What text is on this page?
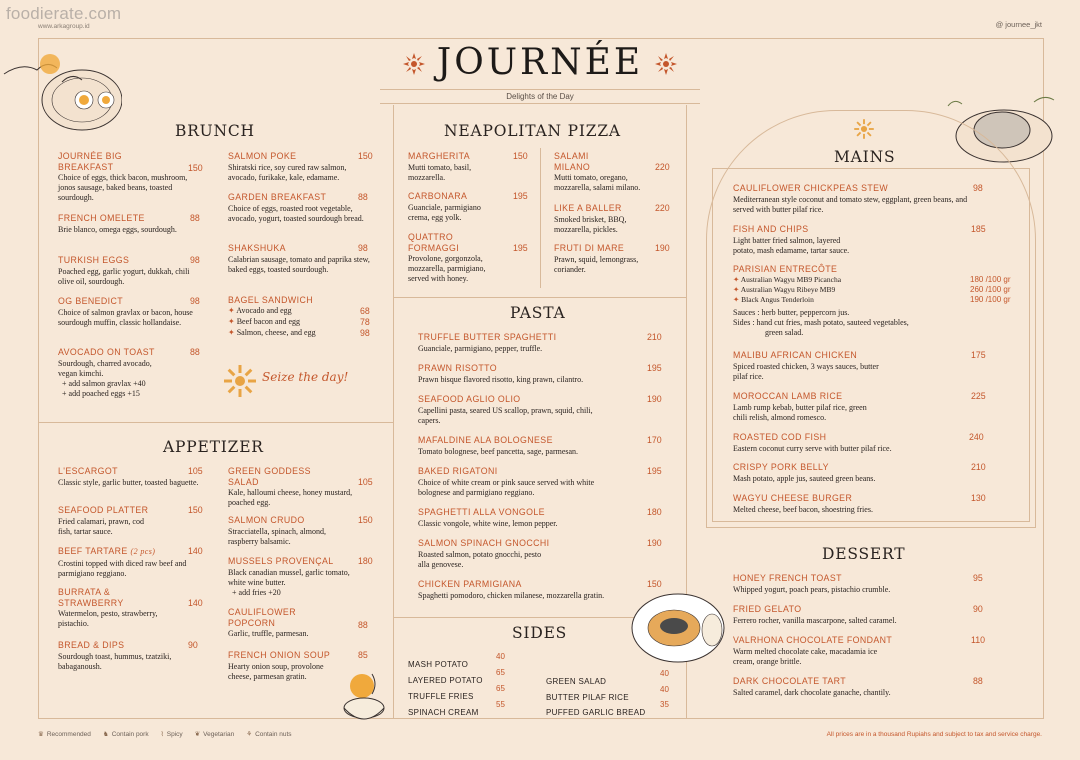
foodierate.com
www.arkagroup.id	@ journee_jkt
JOURNÉE
Delights of the Day
Seize the day!
BRUNCH
JOURNÉE BIG BREAKFAST	150
Choice of eggs, thick bacon, mushroom, jonos sausage, baked beans, toasted sourdough.
FRENCH OMELETE	88
Brie blanco, omega eggs, sourdough.
TURKISH EGGS	98
Poached egg, garlic yogurt, dukkah, chili olive oil, sourdough.
OG BENEDICT	98
Choice of salmon gravlax or bacon, house sourdough muffin, classic hollandaise.
AVOCADO ON TOAST	88
Sourdough, charred avocado, vegan kimchi.
+ add salmon gravlax +40
+ add poached eggs +15
SALMON POKE	150
Shiratski rice, soy cured raw salmon, avocado, furikake, kale, edamame.
GARDEN BREAKFAST	88
Choice of eggs, roasted root vegetable, avocado, yogurt, toasted sourdough bread.
SHAKSHUKA	98
Calabrian sausage, tomato and paprika stew, baked eggs, toasted sourdough.
BAGEL SANDWICH
✦ Avocado and egg	68
✦ Beef bacon and egg	78
✦ Salmon, cheese, and egg	98
APPETIZER
L'ESCARGOT	105
Classic style, garlic butter, toasted baguette.
SEAFOOD PLATTER	150
Fried calamari, prawn, cod fish, tartar sauce.
BEEF TARTARE (2 pcs)	140
Crostini topped with diced raw beef and parmigiano reggiano.
BURRATA & STRAWBERRY	140
Watermelon, pesto, strawberry, pistachio.
BREAD & DIPS	90
Sourdough toast, hummus, tzatziki, babaganoush.
GREEN GODDESS SALAD	105
Kale, halloumi cheese, honey mustard, poached egg.
SALMON CRUDO	150
Stracciatella, spinach, almond, raspberry balsamic.
MUSSELS PROVENÇAL	180
Black canadian mussel, garlic tomato, white wine butter.
+ add fries +20
CAULIFLOWER POPCORN	88
Garlic, truffle, parmesan.
FRENCH ONION SOUP	85
Hearty onion soup, provolone cheese, parmesan gratin.
NEAPOLITAN PIZZA
MARGHERITA	150
Mutti tomato, basil, mozzarella.
CARBONARA	195
Guanciale, parmigiano crema, egg yolk.
QUATTRO FORMAGGI	195
Provolone, gorgonzola, mozzarella, parmigiano, served with honey.
SALAMI MILANO	220
Mutti tomato, oregano, mozzarella, salami milano.
LIKE A BALLER	220
Smoked brisket, BBQ, mozzarella, pickles.
FRUTI DI MARE	190
Prawn, squid, lemongrass, coriander.
PASTA
TRUFFLE BUTTER SPAGHETTI	210
Guanciale, parmigiano, pepper, truffle.
PRAWN RISOTTO	195
Prawn bisque flavored risotto, king prawn, cilantro.
SEAFOOD AGLIO OLIO	190
Capellini pasta, seared US scallop, prawn, squid, chili, capers.
MAFALDINE ALA BOLOGNESE	170
Tomato bolognese, beef pancetta, sage, parmesan.
BAKED RIGATONI	195
Choice of white cream or pink sauce served with white bolognese and parmigiano reggiano.
SPAGHETTI ALLA VONGOLE	180
Classic vongole, white wine, lemon pepper.
SALMON SPINACH GNOCCHI	190
Roasted salmon, potato gnocchi, pesto alla genovese.
CHICKEN PARMIGIANA	150
Spaghetti pomodoro, chicken milanese, mozzarella gratin.
SIDES
MASH POTATO
40
LAYERED POTATO
65
TRUFFLE FRIES
65
SPINACH CREAM
55
GREEN SALAD
40
BUTTER PILAF RICE
40
PUFFED GARLIC BREAD
35
MAINS
CAULIFLOWER CHICKPEAS STEW	98
Mediterranean style coconut and tomato stew, eggplant, green beans, and served with butter pilaf rice.
FISH AND CHIPS	185
Light batter fried salmon, layered potato, mash edamame, tartar sauce.
PARISIAN ENTRECÔTE
✦ Australian Wagyu MB9 Picancha	180 /100 gr
✦ Australian Wagyu Ribeye MB9	260 /100 gr
✦ Black Angus Tenderloin	190 /100 gr
Sauces : herb butter, peppercorn jus.
Sides : hand cut fries, mash potato, sauteed vegetables,
green salad.
MALIBU AFRICAN CHICKEN	175
Spiced roasted chicken, 3 ways sauces, butter pilaf rice.
MOROCCAN LAMB RICE	225
Lamb rump kebab, butter pilaf rice, green chili relish, almond romesco.
ROASTED COD FISH	240
Eastern coconut curry serve with butter pilaf rice.
CRISPY PORK BELLY	210
Mash potato, apple jus, sauteed green beans.
WAGYU CHEESE BURGER	130
Melted cheese, beef bacon, shoestring fries.
DESSERT
HONEY FRENCH TOAST	95
Whipped yogurt, poach pears, pistachio crumble.
FRIED GELATO	90
Ferrero rocher, vanilla mascarpone, salted caramel.
VALRHONA CHOCOLATE FONDANT	110
Warm melted chocolate cake, macadamia ice cream, orange brittle.
DARK CHOCOLATE TART	88
Salted caramel, dark chocolate ganache, chantily.
♛ Recommended ♞ Contain pork ⌇ Spicy ❦ Vegetarian ⚘ Contain nuts	All prices are in a thousand Rupiahs and subject to tax and service charge.
